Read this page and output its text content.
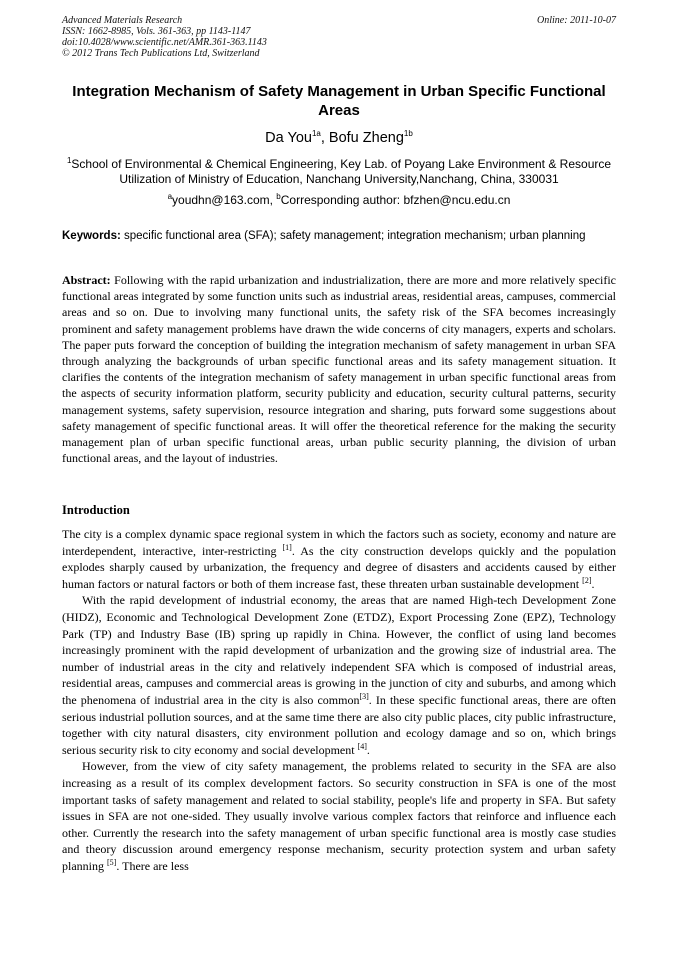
Advanced Materials Research
ISSN: 1662-8985, Vols. 361-363, pp 1143-1147
doi:10.4028/www.scientific.net/AMR.361-363.1143
© 2012 Trans Tech Publications Ltd, Switzerland
Online: 2011-10-07
Integration Mechanism of Safety Management in Urban Specific Functional Areas
Da You$^{1a}$, Bofu Zheng$^{1b}$
$^1$School of Environmental & Chemical Engineering, Key Lab. of Poyang Lake Environment & Resource Utilization of Ministry of Education, Nanchang University,Nanchang, China, 330031
$^a$youdhn@163.com, $^b$Corresponding author: bfzhen@ncu.edu.cn
Keywords: specific functional area (SFA); safety management; integration mechanism; urban planning
Abstract: Following with the rapid urbanization and industrialization, there are more and more relatively specific functional areas integrated by some function units such as industrial areas, residential areas, campuses, commercial areas and so on. Due to involving many functional units, the safety risk of the SFA becomes increasingly prominent and safety management problems have drawn the wide concerns of city managers, experts and scholars. The paper puts forward the conception of building the integration mechanism of safety management in urban SFA through analyzing the backgrounds of urban specific functional areas and its safety management situation. It clarifies the contents of the integration mechanism of safety management in urban specific functional areas from the aspects of security information platform, security publicity and education, security cultural patterns, security management systems, safety supervision, resource integration and sharing, puts forward some suggestions about safety management of specific functional areas. It will offer the theoretical reference for the making the security management plan of urban specific functional areas, urban public security planning, the division of urban functional areas, and the layout of industries.
Introduction

The city is a complex dynamic space regional system in which the factors such as society, economy and nature are interdependent, interactive, inter-restricting [1]. As the city construction develops quickly and the population explodes sharply caused by urbanization, the frequency and degree of disasters and accidents caused by either human factors or natural factors or both of them increase fast, these threaten urban sustainable development [2].

With the rapid development of industrial economy, the areas that are named High-tech Development Zone (HIDZ), Economic and Technological Development Zone (ETDZ), Export Processing Zone (EPZ), Technology Park (TP) and Industry Base (IB) spring up rapidly in China. However, the conflict of using land becomes increasingly prominent with the rapid development of urbanization and the growing size of industrial area. The number of industrial areas in the city and relatively independent SFA which is composed of industrial areas, residential areas, campuses and commercial areas is growing in the junction of city and suburbs, and among which the phenomena of industrial area in the city is also common[3]. In these specific functional areas, there are often serious industrial pollution sources, and at the same time there are also city public places, city public infrastructure, together with city natural disasters, city environment pollution and ecology damage and so on, which brings serious security risk to city economy and social development [4].

However, from the view of city safety management, the problems related to security in the SFA are also increasing as a result of its complex development factors. So security construction in SFA is one of the most important tasks of safety management and related to social stability, people's life and property in SFA. But safety issues in SFA are not one-sided. They usually involve various complex factors that reinforce and influence each other. Currently the research into the safety management of urban specific functional area is mostly case studies and theory discussion around emergency response mechanism, security protection system and urban safety planning [5]. There are less
